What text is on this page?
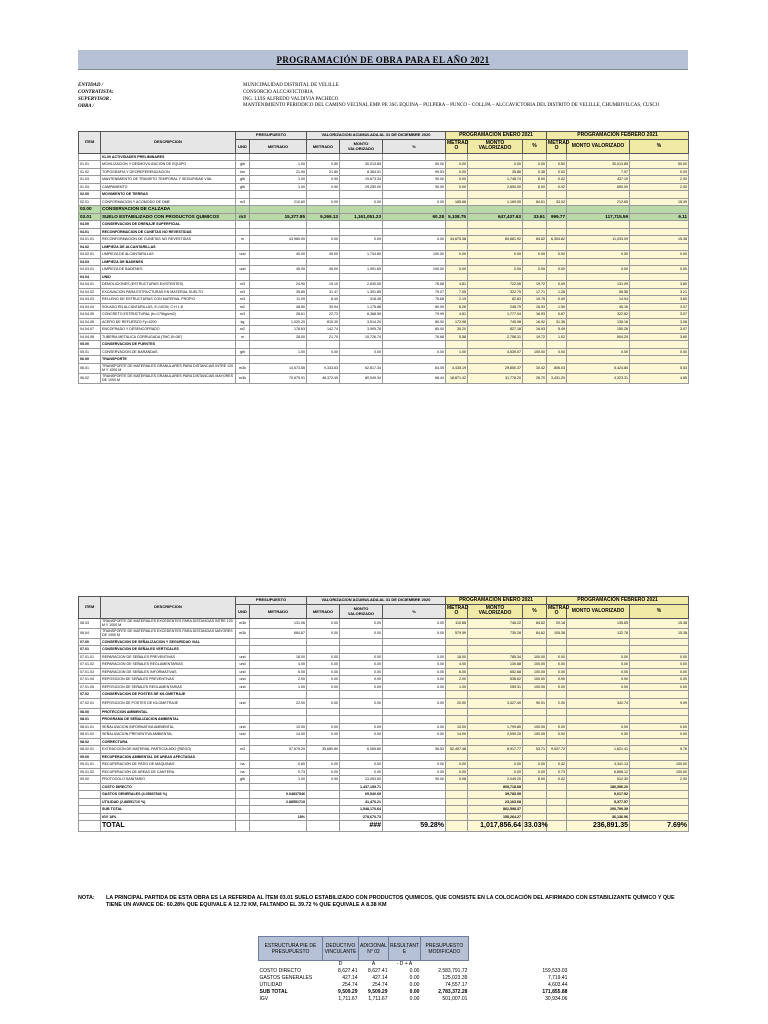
PROGRAMACIÓN DE OBRA PARA EL AÑO 2021
ENTIDAD /	MUNICIPALIDAD DISTRITAL DE VELILLE
CONTRATISTA:	CONSORCIO ALCCAVICTORIA
SUPERVISOR .	ING. LUIS ALFREDO VALDIVIA PACHECO
OBRA /	MANTENIMIENTO PERIODICO DEL CAMINO VECINAL EMP. PE 3SG EQUINA – PULPERA – PUNCO – COLLPA – ALCCAVICTORIA DEL DISTRITO DE VELILLE, CHUMBIVILCAS, CUSCO
ITEM	DESCRIPCION	PRESUPUESTO		VALORIZACION ACUMULADA AL 31 DE DICIEMBRE 2020			PROGRAMACIÓN ENERO 2021			PROGRAMACIÓN FEBRERO 2021		
		UND	METRADO	METRADO	MONTO VALORIZADO	%	METRAD O	MONTO VALORIZADO	%	METRAD O	MONTO VALORIZADO	%
	01.00 ACTIVIDADES PRELIMINARES											
01.01	MOVILIZACION Y DESMOVILIZACION DE EQUIPO	glb	1.00	0.50	30,013.85	50.00	0.00	0.00	0.00	0.50	30,013.85	50.00
01.02	TOPOGRAFIA Y GEOREFERENCIACION	km	21.90	21.80	8,384.51	99.53	0.00	35.86	0.38	0.02	7.97	0.09
01.03	MANTENIMIENTO DE TRANSITO TEMPORAL Y SEGURIDAD VIAL	glb	1.00	0.90	19,673.34	90.00	0.00	1,748.74	8.00	0.02	437.19	2.00
01.04	CAMPAMENTO	glb	1.00	0.90	29,250.00	90.00	0.00	2,600.00	8.00	0.02	650.00	2.00
02.00	MOVIMIENTO DE TIERRAS											
02.01	CONFORMACION Y ACOMODO DE DME	m3	210.60	0.00	0.00	0.00	185.68	1,169.50	84.61	33.02	212.65	15.39
03.00	CONSERVACION DE CALZADA											
03.01	SUELO ESTABILIZADO CON PRODUCTOS QUIMICOS	m3	15,377.85	9,269.13	1,161,051.23	60.28	5,108.75	647,437.63	33.61	999.77	117,715.59	6.11
04.00	CONSERVACION DE DRENAJE SUPERFICIAL											
04.01	RECONFORMACION DE CUNETAS NO REVESTIDAS											
04.01.01	RECONFORMACION DE CUNETAS NO REVESTIDAS	m	43,980.00	0.00	0.00	0.00	34,675.38	60,681.92	84.62	6,304.62	11,033.09	15.38
04.02	LIMPIEZA DE ALCANTARILLAS											
04.02.01	LIMPIEZA DE ALCANTARILLAS	und	40.00	40.00	1,734.80	100.00	0.00	0.00	0.00	0.00	0.00	0.00
04.03	LIMPIEZA DE BADENES											
04.03.01	LIMPIEZA DE BADENES	und	45.00	45.00	1,951.65	100.00	0.00	0.00	0.00	0.00	0.00	0.00
04.04	UNID											
04.04.01	DEMOLICIONES (ESTRUCTURAS EXISTENTES)	m3	24.90	19.10	2,630.05	76.68	4.81	722.06	19.72	0.09	131.09	3.60
04.04.02	EXCAVACION PARA ESTRUCTURAS EN MATERIAL SUELTO	m3	39.80	31.47	1,391.85	79.07	7.05	322.75	17.71	1.28	56.56	3.21
04.04.03	RELLENO DE ESTRUCTURAS CON MATERIAL PROPIO	m3	11.09	8.40	318.46	75.68	2.19	82.83	19.75	0.40	14.94	3.60
04.04.04	SOLADO EN ALCANTARILLAS, E=10CM, C:H 1:8	m2	48.80	39.94	1,175.88	80.09	8.26	248.79	16.93	1.50	45.16	3.07
04.04.05	CONCRETO ESTRUCTURAL (fc=175kg/cm2)	m3	28.61	22.73	8,368.59	79.99	4.81	1,777.04	16.93	0.87	322.82	3.07
04.04.06	ACERO DE REFUERZO Fy=4200	kg	1,020.20	815.30	3,514.20	80.00	172.98	745.98	16.92	31.36	135.16	3.08
04.04.07	ENCOFRADO Y DESENCOFRADO	m2	178.63	142.74	3,909.78	80.00	30.20	827.18	16.93	5.49	150.26	3.07
04.04.08	TUBERIA METALICA CORRUGADA (TMC Ø=36")	m	28.00	21.70	10,726.74	76.68	5.58	2,758.31	19.72	1.02	504.20	3.60
05.00	CONSERVACION DE PUENTES											
05.01	CONSERVACION DE BARANDAS	glb	1.00	0.00	0.00	0.00	1.00	4,539.07	100.00	0.00	0.00	0.00
06.00	TRANSPORTE											
06.01	TRANSPORTE DE MATERIALES GRANULARES PARA DISTANCIAS INTRE 120 M Y 1000 M	m3k	14,573.55	9,333.63	62,817.34	64.05	4,435.19	29,850.37	30.42	806.03	5,424.80	5.53
06.02	TRANSPORTE DE MATERIALES GRANULARES PARA DISTANCIAS MAYORES DE 1000 M	m3k	70,675.91	48,372.49	80,949.34	68.44	18,871.42	31,778.20	26.70	3,431.20	4,323.31	4.85
ITEM	DESCRIPCION	PRESUPUESTO		VALORIZACION ACUMULADA AL 31 DE DICIEMBRE 2020			PROGRAMACIÓN ENERO 2021			PROGRAMACIÓN FEBRERO 2021		
		UND	METRADO	METRADO	MONTO VALORIZADO	%	METRAD O	MONTO VALORIZADO	%	METRAD O	MONTO VALORIZADO	%
06.03	TRANSPORTE DE MATERIALES EXCEDENTES PARA DISTANCIAS INTRE 120 M Y 1000 M	m3k	131.06	0.00	0.00	0.00	110.88	746.22	84.62	20.18	135.85	15.38
06.04	TRANSPORTE DE MATERIALES EXCEDENTES PARA DISTANCIAS MAYORES DE 1000 M	m3k	684.87	0.00	0.00	0.00	579.59	730.28	84.62	105.38	132.78	15.38
07.00	CONSERVACION DE SEÑALIZACION Y SEGURIDAD VIAL											
07.01	CONSERVACION DE SEÑALES VERTICALES											
07.01.01	REPARACION DE SEÑALES PREVENTIVAS	und	18.00	0.00	0.00	0.00	18.00	785.34	100.00	0.00	0.00	0.00
07.01.02	REPARACION DE SEÑALES REGLAMENTARIAS	und	4.00	0.00	0.00	0.00	4.00	130.88	100.00	0.00	0.00	0.00
07.01.03	REPARACION DE SEÑALES INFORMATIVAS	und	6.00	0.00	0.00	0.00	6.00	652.68	100.00	0.00	0.00	0.00
07.01.04	REPOSICION DE SEÑALES PREVENTIVAS	und	2.00	0.00	0.00	0.00	2.00	538.62	100.00	0.00	0.00	0.00
07.01.05	REPOSICION DE SEÑALES REGLAMENTARIAS	und	1.00	0.00	0.00	0.00	1.00	259.31	100.00	0.00	0.00	0.00
07.02	CONSERVACION DE POSTES DE KILOMETRAJE											
07.02.01	REPOSICION DE POSTES DE KILOMETRAJE	und	22.00	0.00	0.00	0.00	20.00	3,427.40	90.91	2.00	342.74	9.09
08.00	PROTECCION AMBIENTAL											
08.01	PROGRAMA DE SEÑALIZACION AMBIENTAL											
08.01.01	SEÑALIZACION INFORMATIVA AMBIENTAL	und	10.00	0.00	0.00	0.00	10.00	1,799.80	100.00	0.00	0.00	0.00
08.01.02	SEÑALIZACION PREVENTIVA AMBIENTAL	und	14.00	0.00	0.00	0.00	14.00	2,090.20	100.00	0.00	0.00	0.00
08.02	CORRECTURA											
08.02.01	EXTRACCION DE MATERIAL PARTICULADO (RIEGO)	m3	97,675.20	35,680.80	6,065.80	36.53	52,457.48	8,917.77	53.71	9,537.72	1,621.41	9.76
09.00	RECUPERACION AMBIENTAL DE AREAS AFECTADAS											
09.01.01	RECUPERACION DE PATIO DE MAQUINAS	ha	0.60	0.00	0.00	0.00	0.00	0.00	0.00	0.42	4,341.13	100.00
09.01.02	RECUPERACION DE AREAS DE CANTERA	ha	0.73	0.00	0.00	0.00	0.00	0.00	0.00	0.73	6,896.12	100.00
09.00	PROTOCOLO SANITARIO	glb	1.00	0.90	23,053.50	90.00	0.08	2,049.20	8.00	0.02	512.30	2.00
	COSTO DIRECTO				1,437,159.71			809,718.68			186,396.20	
	GASTOS GENERALES (4.05837546 %)		0.04837546		69,540.69			39,783.95			9,017.52	
	UTILIDAD (2.88551710 %)		2.88551710		41,470.21			23,163.68			5,377.57	
	SUB TOTAL				1,548,170.64			862,598.37			200,790.39	
	IGV 18%		18%		278,670.73			155,264.27			36,136.96	
	TOTAL				###	59.28%		1,017,856.64	33.03%		236,891.35	7.69%
NOTA:	LA PRINCIPAL PARTIDA DE ESTA OBRA ES LA REFERIDA AL ÍTEM 03.01 SUELO ESTABILIZADO CON PRODUCTOS QUIMICOS, QUE CONSISTE EN LA COLOCACIÓN DEL AFIRMADO CON ESTABILIZANTE QUÍMICO Y QUE TIENE UN AVANCE DE: 60.28% QUE EQUIVALE A 12.72 KM, FALTANDO EL 39.72 % QUE EQUIVALE A 8.38 KM
ESTRUCTURA PIE DE PRESUPUESTO	DEDUCTIVO VINCULANTE	ADICIONAL N° 02	RESULTANT E	PRESUPUESTO MODIFICADO	
	D	A	- D + A		
COSTO DIRECTO	8,627.41	8,627.41	0.00	2,583,791.72	159,533.03
GASTOS GENERALES	427.14	427.14	0.00	125,023.39	7,719.41
UTILIDAD	254.74	254.74	0.00	74,557.17	4,603.44
SUB TOTAL	9,509.29	9,509.29	0.00	2,783,372.28	171,855.88
IGV	1,711.67	1,711.67	0.00	501,007.01	30,934.06
